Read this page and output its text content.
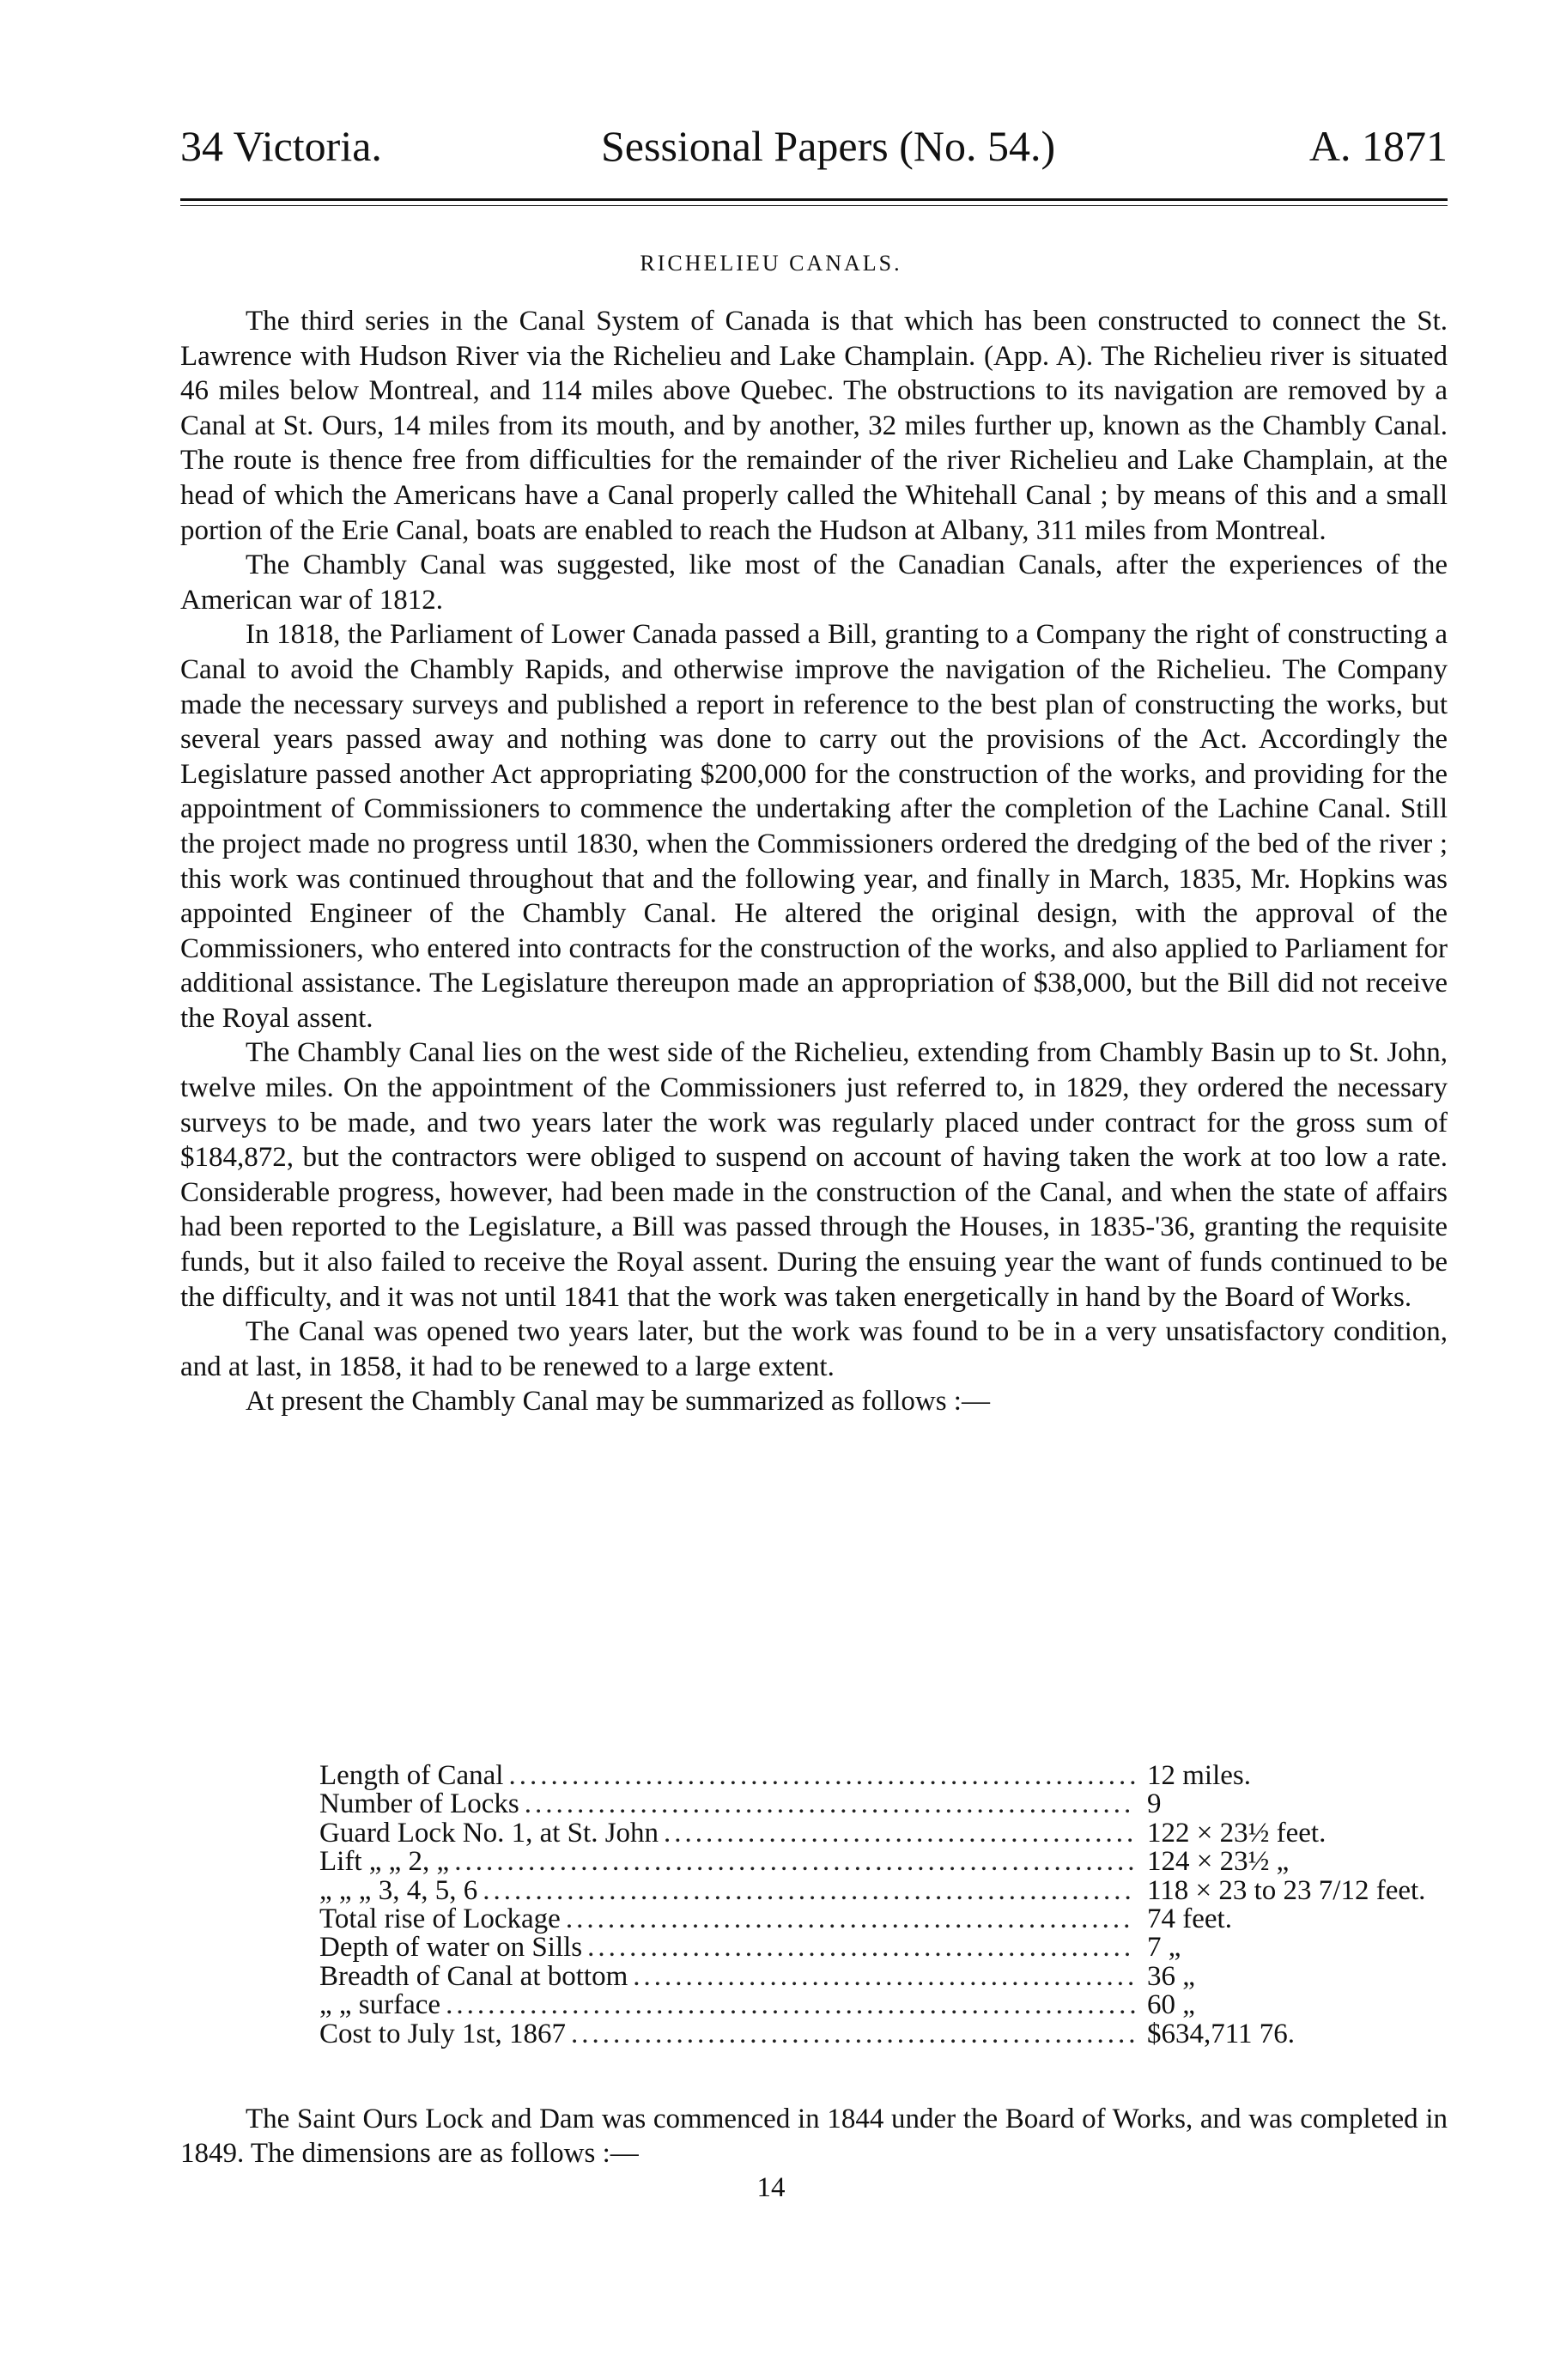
34 Victoria.	Sessional Papers (No. 54.)	A. 1871
RICHELIEU CANALS.

The third series in the Canal System of Canada is that which has been constructed to connect the St. Lawrence with Hudson River via the Richelieu and Lake Champlain. (App. A). The Richelieu river is situated 46 miles below Montreal, and 114 miles above Quebec. The obstructions to its navigation are removed by a Canal at St. Ours, 14 miles from its mouth, and by another, 32 miles further up, known as the Chambly Canal. The route is thence free from difficulties for the remainder of the river Richelieu and Lake Champlain, at the head of which the Americans have a Canal properly called the Whitehall Canal ; by means of this and a small portion of the Erie Canal, boats are enabled to reach the Hudson at Albany, 311 miles from Montreal.

The Chambly Canal was suggested, like most of the Canadian Canals, after the experiences of the American war of 1812.

In 1818, the Parliament of Lower Canada passed a Bill, granting to a Company the right of constructing a Canal to avoid the Chambly Rapids, and otherwise improve the navigation of the Richelieu. The Company made the necessary surveys and published a report in reference to the best plan of constructing the works, but several years passed away and nothing was done to carry out the provisions of the Act. Accordingly the Legislature passed another Act appropriating $200,000 for the construction of the works, and providing for the appointment of Commissioners to commence the undertaking after the completion of the Lachine Canal. Still the project made no progress until 1830, when the Commissioners ordered the dredging of the bed of the river ; this work was continued throughout that and the following year, and finally in March, 1835, Mr. Hopkins was appointed Engineer of the Chambly Canal. He altered the original design, with the approval of the Commissioners, who entered into contracts for the construction of the works, and also applied to Parliament for additional assistance. The Legislature thereupon made an appropriation of $38,000, but the Bill did not receive the Royal assent.

The Chambly Canal lies on the west side of the Richelieu, extending from Chambly Basin up to St. John, twelve miles. On the appointment of the Commissioners just referred to, in 1829, they ordered the necessary surveys to be made, and two years later the work was regularly placed under contract for the gross sum of $184,872, but the contractors were obliged to suspend on account of having taken the work at too low a rate. Considerable progress, however, had been made in the construction of the Canal, and when the state of affairs had been reported to the Legislature, a Bill was passed through the Houses, in 1835-'36, granting the requisite funds, but it also failed to receive the Royal assent. During the ensuing year the want of funds continued to be the difficulty, and it was not until 1841 that the work was taken energetically in hand by the Board of Works.

The Canal was opened two years later, but the work was found to be in a very unsatisfactory condition, and at last, in 1858, it had to be renewed to a large extent.

At present the Chambly Canal may be summarized as follows :—

Length of Canal .....	12 miles.
Number of Locks .....	9
Guard Lock No. 1, at St. John .....	122 × 23½ feet.
Lift „ „ 2, „ .....	124 × 23½ „
„ „ „ 3, 4, 5, 6 .....	118 × 23 to 23 7/12 feet.
Total rise of Lockage .....	74 feet.
Depth of water on Sills .....	7 „
Breadth of Canal at bottom .....	36 „
„ „ surface .....	60 „
Cost to July 1st, 1867 .....	$634,711 76.

The Saint Ours Lock and Dam was commenced in 1844 under the Board of Works, and was completed in 1849. The dimensions are as follows :—

14
